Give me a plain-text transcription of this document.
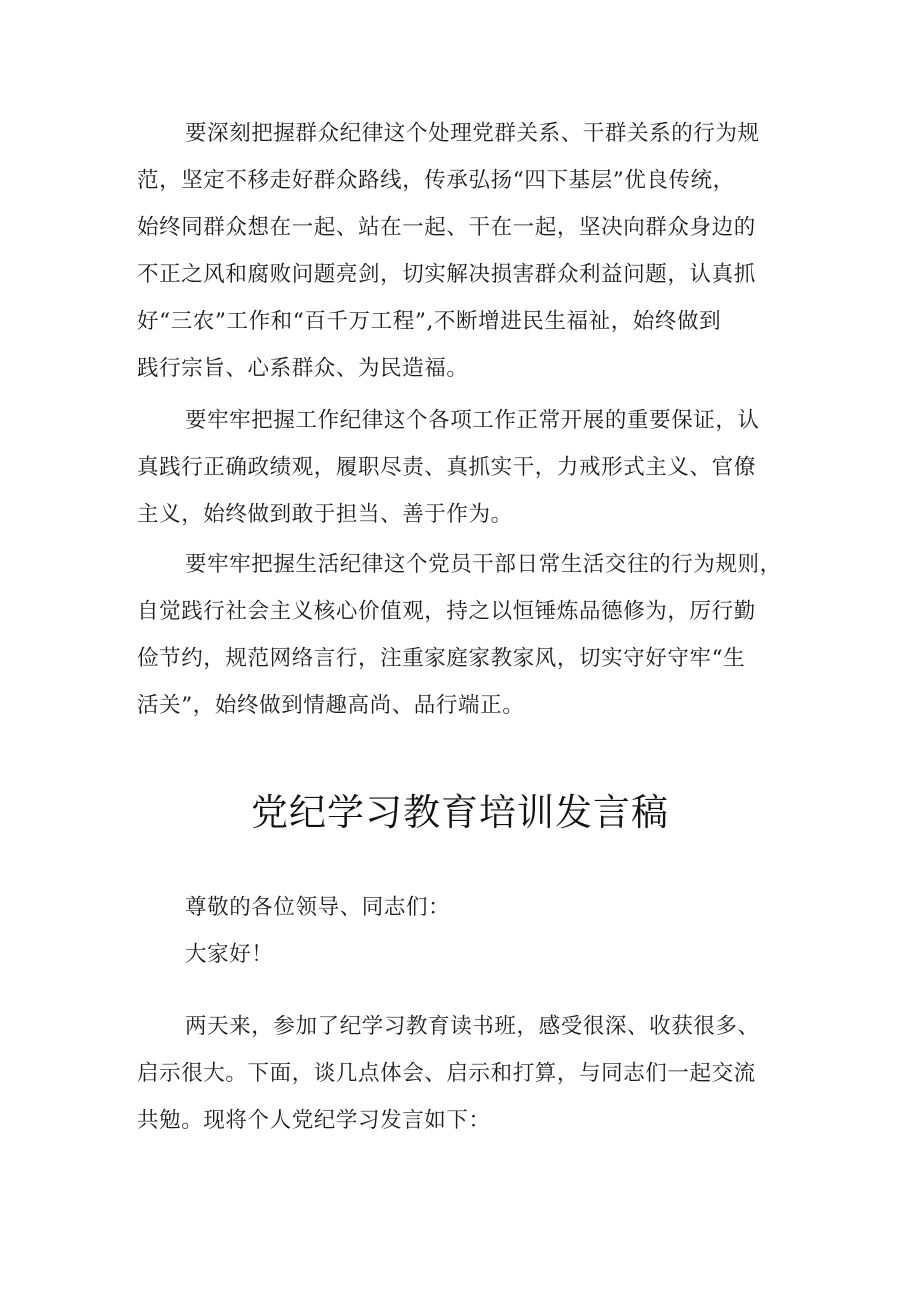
要深刻把握群众纪律这个处理党群关系、干群关系的行为规
范，坚定不移走好群众路线，传承弘扬“四下基层”优良传统，
始终同群众想在一起、站在一起、干在一起，坚决向群众身边的
不正之风和腐败问题亮剑，切实解决损害群众利益问题，认真抓
好“三农”工作和“百千万工程”,不断增进民生福祉，始终做到
践行宗旨、心系群众、为民造福。
要牢牢把握工作纪律这个各项工作正常开展的重要保证，认
真践行正确政绩观，履职尽责、真抓实干，力戒形式主义、官僚
主义，始终做到敢于担当、善于作为。
要牢牢把握生活纪律这个党员干部日常生活交往的行为规则，
自觉践行社会主义核心价值观，持之以恒锤炼品德修为，厉行勤
俭节约，规范网络言行，注重家庭家教家风，切实守好守牢“生
活关”，始终做到情趣高尚、品行端正。
党纪学习教育培训发言稿
尊敬的各位领导、同志们：
大家好！
两天来，参加了纪学习教育读书班，感受很深、收获很多、
启示很大。下面，谈几点体会、启示和打算，与同志们一起交流
共勉。现将个人党纪学习发言如下：
